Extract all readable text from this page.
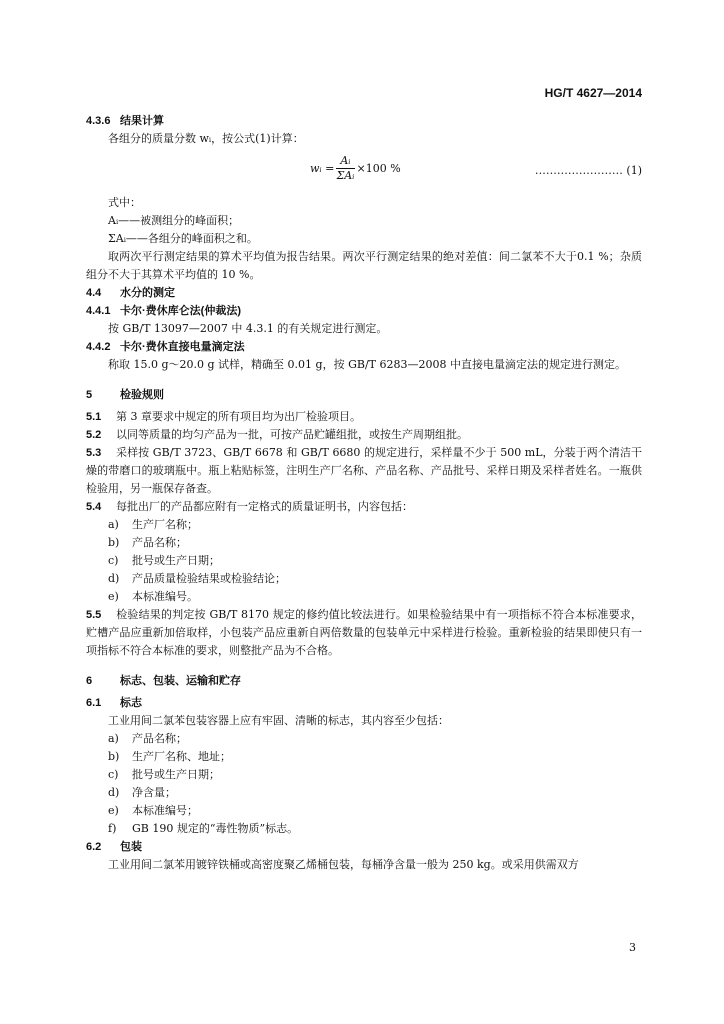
HG/T 4627—2014

4.3.6 结果计算

各组分的质量分数 wᵢ，按公式(1)计算：

wᵢ = $\frac{\text{Aᵢ}}{\text{ΣAᵢ}} \times 100$ %	…………………… (1)

式中：

Aᵢ——被测组分的峰面积；

ΣAᵢ——各组分的峰面积之和。

取两次平行测定结果的算术平均值为报告结果。两次平行测定结果的绝对差值：间二氯苯不大于0.1 %；杂质组分不大于其算术平均值的 10 %。

4.4 水分的测定

4.4.1 卡尔·费休库仑法(仲裁法)

按 GB/T 13097—2007 中 4.3.1 的有关规定进行测定。

4.4.2 卡尔·费休直接电量滴定法

称取 15.0 g～20.0 g 试样，精确至 0.01 g，按 GB/T 6283—2008 中直接电量滴定法的规定进行测定。

5	检验规则

5.1 第 3 章要求中规定的所有项目均为出厂检验项目。

5.2 以同等质量的均匀产品为一批，可按产品贮罐组批，或按生产周期组批。

5.3 采样按 GB/T 3723、GB/T 6678 和 GB/T 6680 的规定进行，采样量不少于 500 mL，分装于两个清洁干燥的带磨口的玻璃瓶中。瓶上粘贴标签，注明生产厂名称、产品名称、产品批号、采样日期及采样者姓名。一瓶供检验用，另一瓶保存备查。

5.4 每批出厂的产品都应附有一定格式的质量证明书，内容包括：

a) 生产厂名称；

b) 产品名称；

c) 批号或生产日期；

d) 产品质量检验结果或检验结论；

e) 本标准编号。

5.5 检验结果的判定按 GB/T 8170 规定的修约值比较法进行。如果检验结果中有一项指标不符合本标准要求，贮槽产品应重新加倍取样，小包装产品应重新自两倍数量的包装单元中采样进行检验。重新检验的结果即使只有一项指标不符合本标准的要求，则整批产品为不合格。

6	标志、包装、运输和贮存

6.1 标志

工业用间二氯苯包装容器上应有牢固、清晰的标志，其内容至少包括：

a) 产品名称；

b) 生产厂名称、地址；

c) 批号或生产日期；

d) 净含量；

e) 本标准编号；

f) GB 190 规定的“毒性物质”标志。

6.2 包装

工业用间二氯苯用镀锌铁桶或高密度聚乙烯桶包装，每桶净含量一般为 250 kg。或采用供需双方

3
